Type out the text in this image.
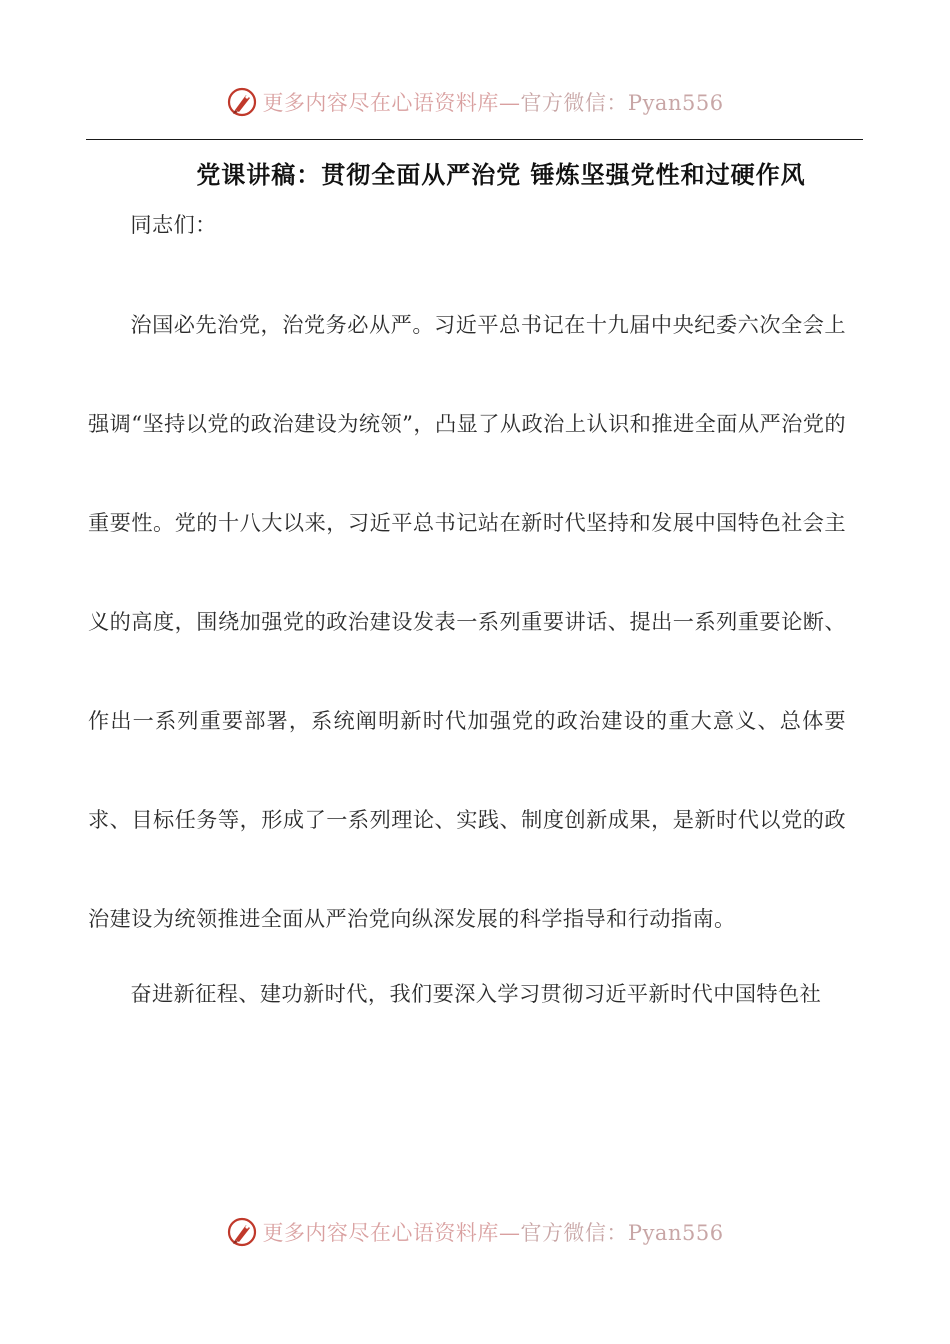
更多内容尽在心语资料库—官方微信：Pyan556
党课讲稿：贯彻全面从严治党 锤炼坚强党性和过硬作风

同志们：

治国必先治党，治党务必从严。习近平总书记在十九届中央纪委六次全会上强调“坚持以党的政治建设为统领”，凸显了从政治上认识和推进全面从严治党的重要性。党的十八大以来，习近平总书记站在新时代坚持和发展中国特色社会主义的高度，围绕加强党的政治建设发表一系列重要讲话、提出一系列重要论断、作出一系列重要部署，系统阐明新时代加强党的政治建设的重大意义、总体要求、目标任务等，形成了一系列理论、实践、制度创新成果，是新时代以党的政治建设为统领推进全面从严治党向纵深发展的科学指导和行动指南。

奋进新征程、建功新时代，我们要深入学习贯彻习近平新时代中国特色社

更多内容尽在心语资料库—官方微信：Pyan556
